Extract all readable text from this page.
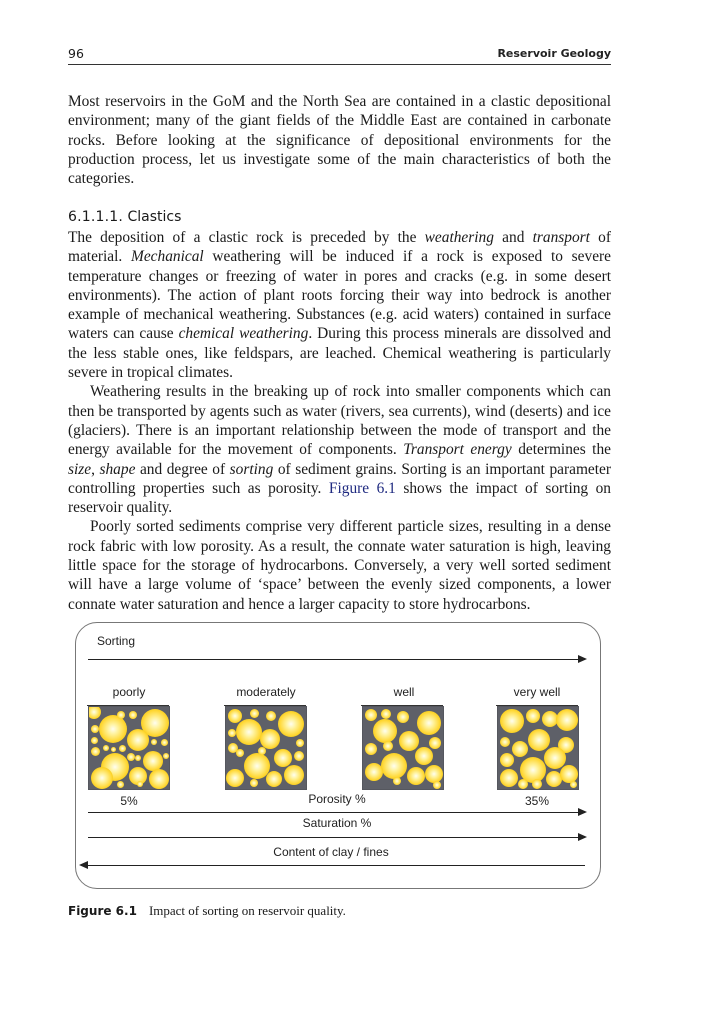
96	Reservoir Geology

Most reservoirs in the GoM and the North Sea are contained in a clastic depositional environment; many of the giant fields of the Middle East are contained in carbonate rocks. Before looking at the significance of depositional environments for the production process, let us investigate some of the main characteristics of both the categories.

6.1.1.1. Clastics

The deposition of a clastic rock is preceded by the weathering and transport of material. Mechanical weathering will be induced if a rock is exposed to severe temperature changes or freezing of water in pores and cracks (e.g. in some desert environments). The action of plant roots forcing their way into bedrock is another example of mechanical weathering. Substances (e.g. acid waters) contained in surface waters can cause chemical weathering. During this process minerals are dissolved and the less stable ones, like feldspars, are leached. Chemical weathering is particularly severe in tropical climates.

Weathering results in the breaking up of rock into smaller components which can then be transported by agents such as water (rivers, sea currents), wind (deserts) and ice (glaciers). There is an important relationship between the mode of transport and the energy available for the movement of components. Transport energy determines the size, shape and degree of sorting of sediment grains. Sorting is an important parameter controlling properties such as porosity. Figure 6.1 shows the impact of sorting on reservoir quality.

Poorly sorted sediments comprise very different particle sizes, resulting in a dense rock fabric with low porosity. As a result, the connate water saturation is high, leaving little space for the storage of hydrocarbons. Conversely, a very well sorted sediment will have a large volume of ‘space’ between the evenly sized components, a lower connate water saturation and hence a larger capacity to store hydrocarbons.

Sorting
poorly	moderately	well	very well
5%	Porosity %	35%
Saturation %
Content of clay / fines
Figure 6.1 Impact of sorting on reservoir quality.
